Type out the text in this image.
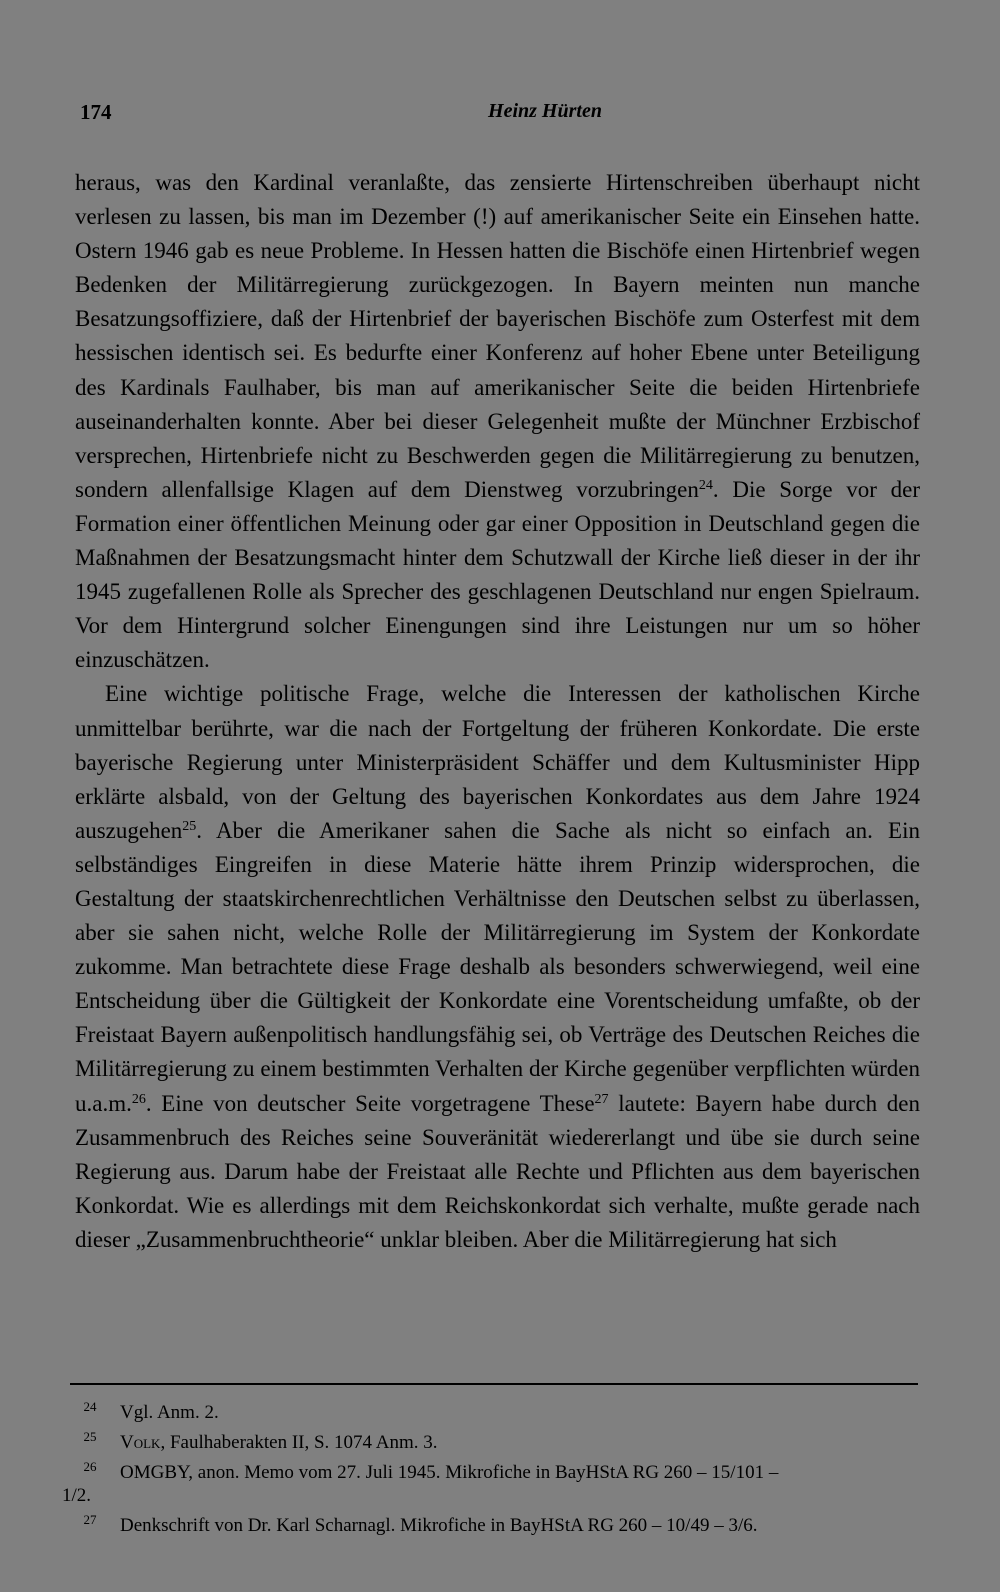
174	Heinz Hürten

heraus, was den Kardinal veranlaßte, das zensierte Hirtenschreiben überhaupt nicht verlesen zu lassen, bis man im Dezember (!) auf amerikanischer Seite ein Einsehen hatte. Ostern 1946 gab es neue Probleme. In Hessen hatten die Bischöfe einen Hirtenbrief wegen Bedenken der Militärregierung zurückgezogen. In Bayern meinten nun manche Besatzungsoffiziere, daß der Hirtenbrief der bayerischen Bischöfe zum Osterfest mit dem hessischen identisch sei. Es bedurfte einer Konferenz auf hoher Ebene unter Beteiligung des Kardinals Faulhaber, bis man auf amerikanischer Seite die beiden Hirtenbriefe auseinanderhalten konnte. Aber bei dieser Gelegenheit mußte der Münchner Erzbischof versprechen, Hirtenbriefe nicht zu Beschwerden gegen die Militärregierung zu benutzen, sondern allenfallsige Klagen auf dem Dienstweg vorzubringen$^{24}$. Die Sorge vor der Formation einer öffentlichen Meinung oder gar einer Opposition in Deutschland gegen die Maßnahmen der Besatzungsmacht hinter dem Schutzwall der Kirche ließ dieser in der ihr 1945 zugefallenen Rolle als Sprecher des geschlagenen Deutschland nur engen Spielraum. Vor dem Hintergrund solcher Einengungen sind ihre Leistungen nur um so höher einzuschätzen.

Eine wichtige politische Frage, welche die Interessen der katholischen Kirche unmittelbar berührte, war die nach der Fortgeltung der früheren Konkordate. Die erste bayerische Regierung unter Ministerpräsident Schäffer und dem Kultusminister Hipp erklärte alsbald, von der Geltung des bayerischen Konkordates aus dem Jahre 1924 auszugehen$^{25}$. Aber die Amerikaner sahen die Sache als nicht so einfach an. Ein selbständiges Eingreifen in diese Materie hätte ihrem Prinzip widersprochen, die Gestaltung der staatskirchenrechtlichen Verhältnisse den Deutschen selbst zu überlassen, aber sie sahen nicht, welche Rolle der Militärregierung im System der Konkordate zukomme. Man betrachtete diese Frage deshalb als besonders schwerwiegend, weil eine Entscheidung über die Gültigkeit der Konkordate eine Vorentscheidung umfaßte, ob der Freistaat Bayern außenpolitisch handlungsfähig sei, ob Verträge des Deutschen Reiches die Militärregierung zu einem bestimmten Verhalten der Kirche gegenüber verpflichten würden u.a.m.$^{26}$. Eine von deutscher Seite vorgetragene These$^{27}$ lautete: Bayern habe durch den Zusammenbruch des Reiches seine Souveränität wiedererlangt und übe sie durch seine Regierung aus. Darum habe der Freistaat alle Rechte und Pflichten aus dem bayerischen Konkordat. Wie es allerdings mit dem Reichskonkordat sich verhalte, mußte gerade nach dieser „Zusammenbruchtheorie“ unklar bleiben. Aber die Militärregierung hat sich

24 Vgl. Anm. 2.
25 Volk, Faulhaberakten II, S. 1074 Anm. 3.
26 OMGBY, anon. Memo vom 27. Juli 1945. Mikrofiche in BayHStA RG 260 – 15/101 –
1/2.
27 Denkschrift von Dr. Karl Scharnagl. Mikrofiche in BayHStA RG 260 – 10/49 – 3/6.
